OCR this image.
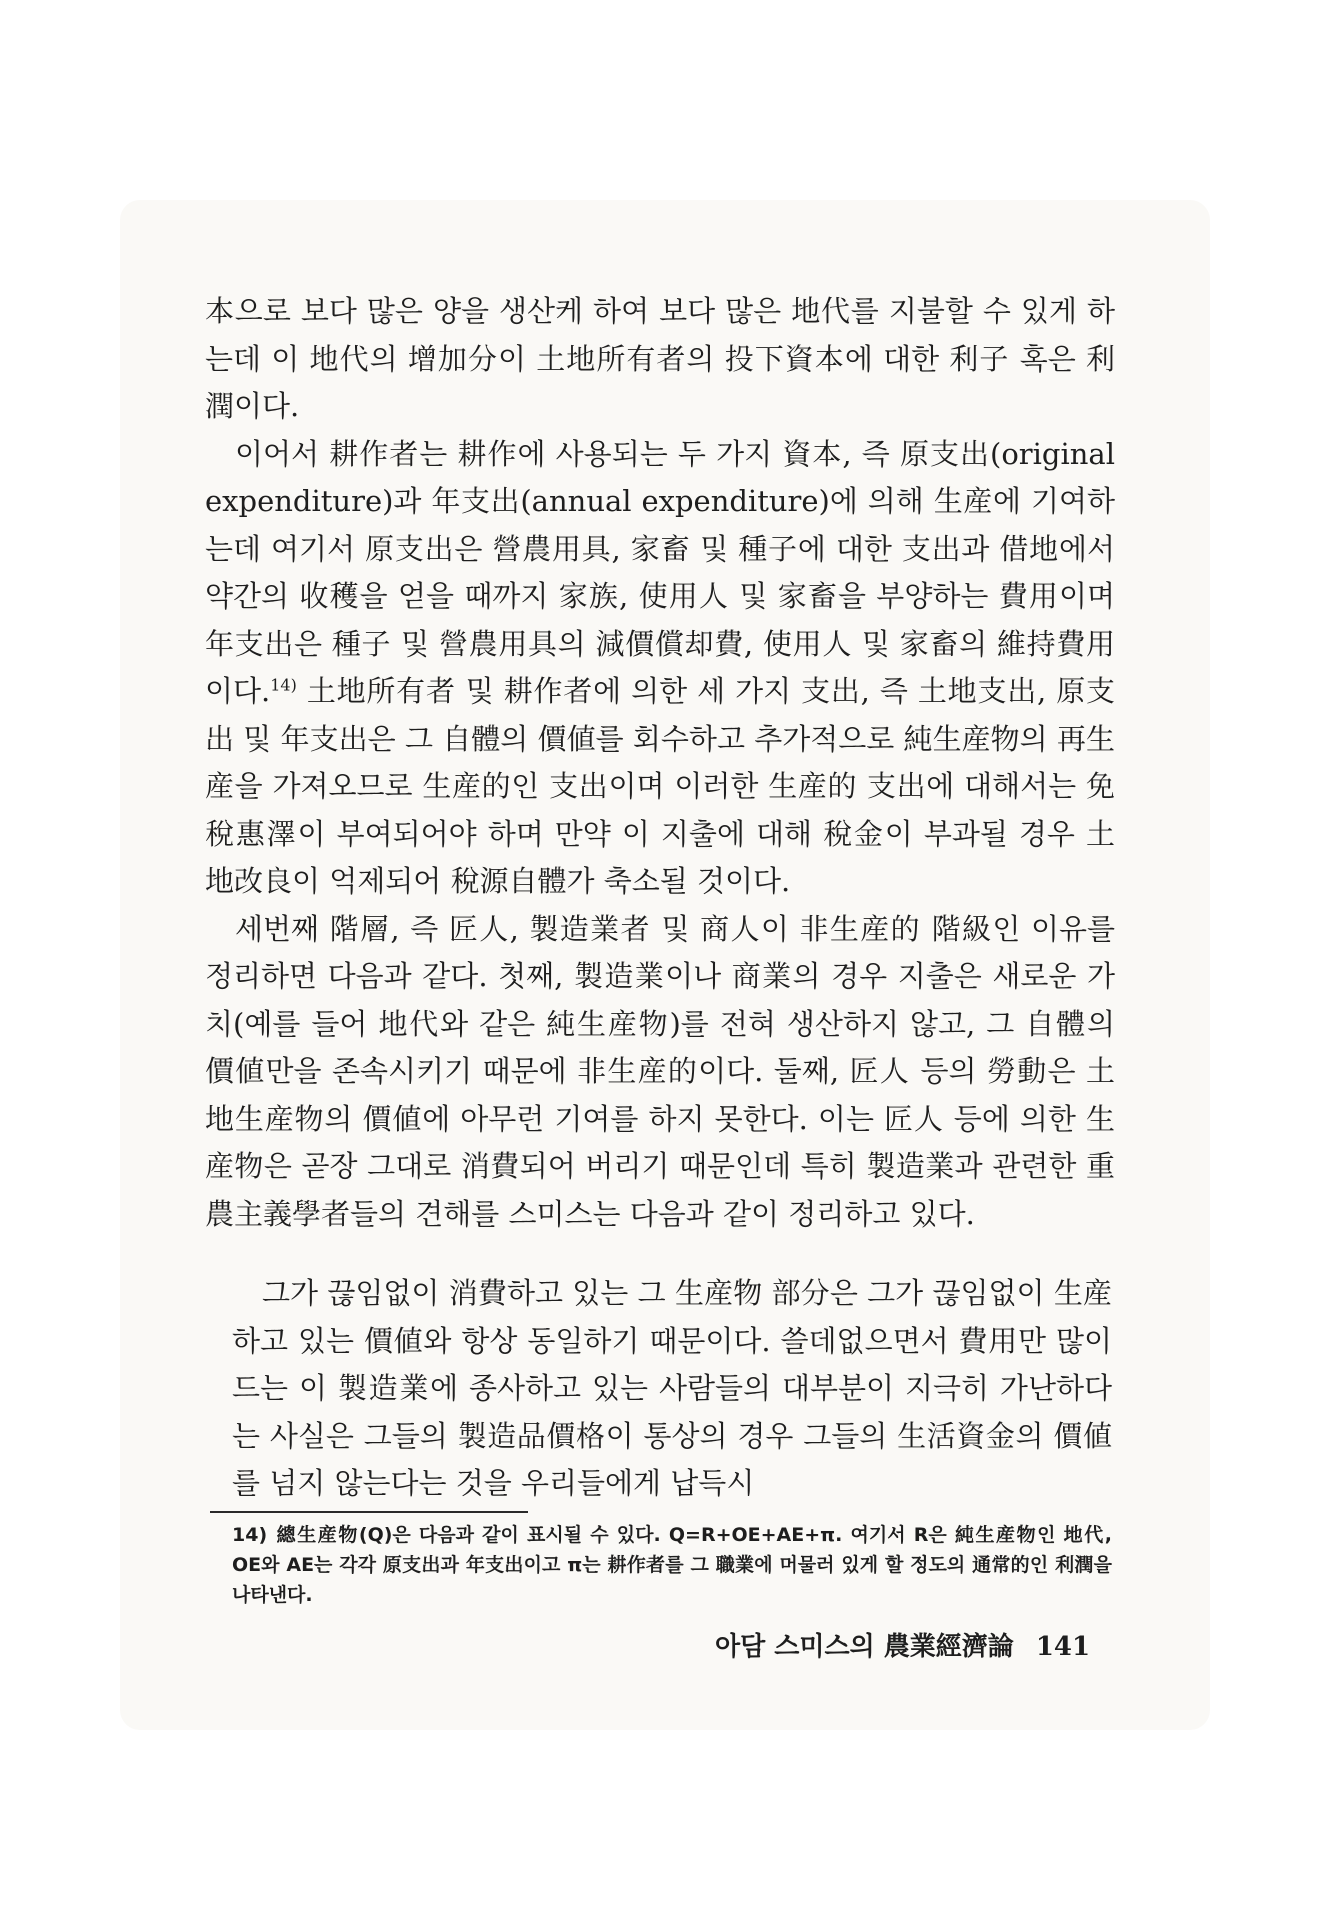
本으로 보다 많은 양을 생산케 하여 보다 많은 地代를 지불할 수 있게 하는데 이 地代의 增加分이 土地所有者의 投下資本에 대한 利子 혹은 利潤이다.

이어서 耕作者는 耕作에 사용되는 두 가지 資本, 즉 原支出(original expenditure)과 年支出(annual expenditure)에 의해 生産에 기여하는데 여기서 原支出은 營農用具, 家畜 및 種子에 대한 支出과 借地에서 약간의 收穫을 얻을 때까지 家族, 使用人 및 家畜을 부양하는 費用이며 年支出은 種子 및 營農用具의 減價償却費, 使用人 및 家畜의 維持費用이다.$^{14)}$ 土地所有者 및 耕作者에 의한 세 가지 支出, 즉 土地支出, 原支出 및 年支出은 그 自體의 價値를 회수하고 추가적으로 純生産物의 再生産을 가져오므로 生産的인 支出이며 이러한 生産的 支出에 대해서는 免稅惠澤이 부여되어야 하며 만약 이 지출에 대해 稅金이 부과될 경우 土地改良이 억제되어 稅源自體가 축소될 것이다.

세번째 階層, 즉 匠人, 製造業者 및 商人이 非生産的 階級인 이유를 정리하면 다음과 같다. 첫째, 製造業이나 商業의 경우 지출은 새로운 가치(예를 들어 地代와 같은 純生産物)를 전혀 생산하지 않고, 그 自體의 價値만을 존속시키기 때문에 非生産的이다. 둘째, 匠人 등의 勞動은 土地生産物의 價値에 아무런 기여를 하지 못한다. 이는 匠人 등에 의한 生産物은 곧장 그대로 消費되어 버리기 때문인데 특히 製造業과 관련한 重農主義學者들의 견해를 스미스는 다음과 같이 정리하고 있다.

그가 끊임없이 消費하고 있는 그 生産物 部分은 그가 끊임없이 生産하고 있는 價値와 항상 동일하기 때문이다. 쓸데없으면서 費用만 많이 드는 이 製造業에 종사하고 있는 사람들의 대부분이 지극히 가난하다는 사실은 그들의 製造品價格이 통상의 경우 그들의 生活資金의 價値를 넘지 않는다는 것을 우리들에게 납득시

14) 總生産物(Q)은 다음과 같이 표시될 수 있다. Q=R+OE+AE+π. 여기서 R은 純生産物인 地代, OE와 AE는 각각 原支出과 年支出이고 π는 耕作者를 그 職業에 머물러 있게 할 정도의 通常的인 利潤을 나타낸다.
아담 스미스의 農業經濟論 141
